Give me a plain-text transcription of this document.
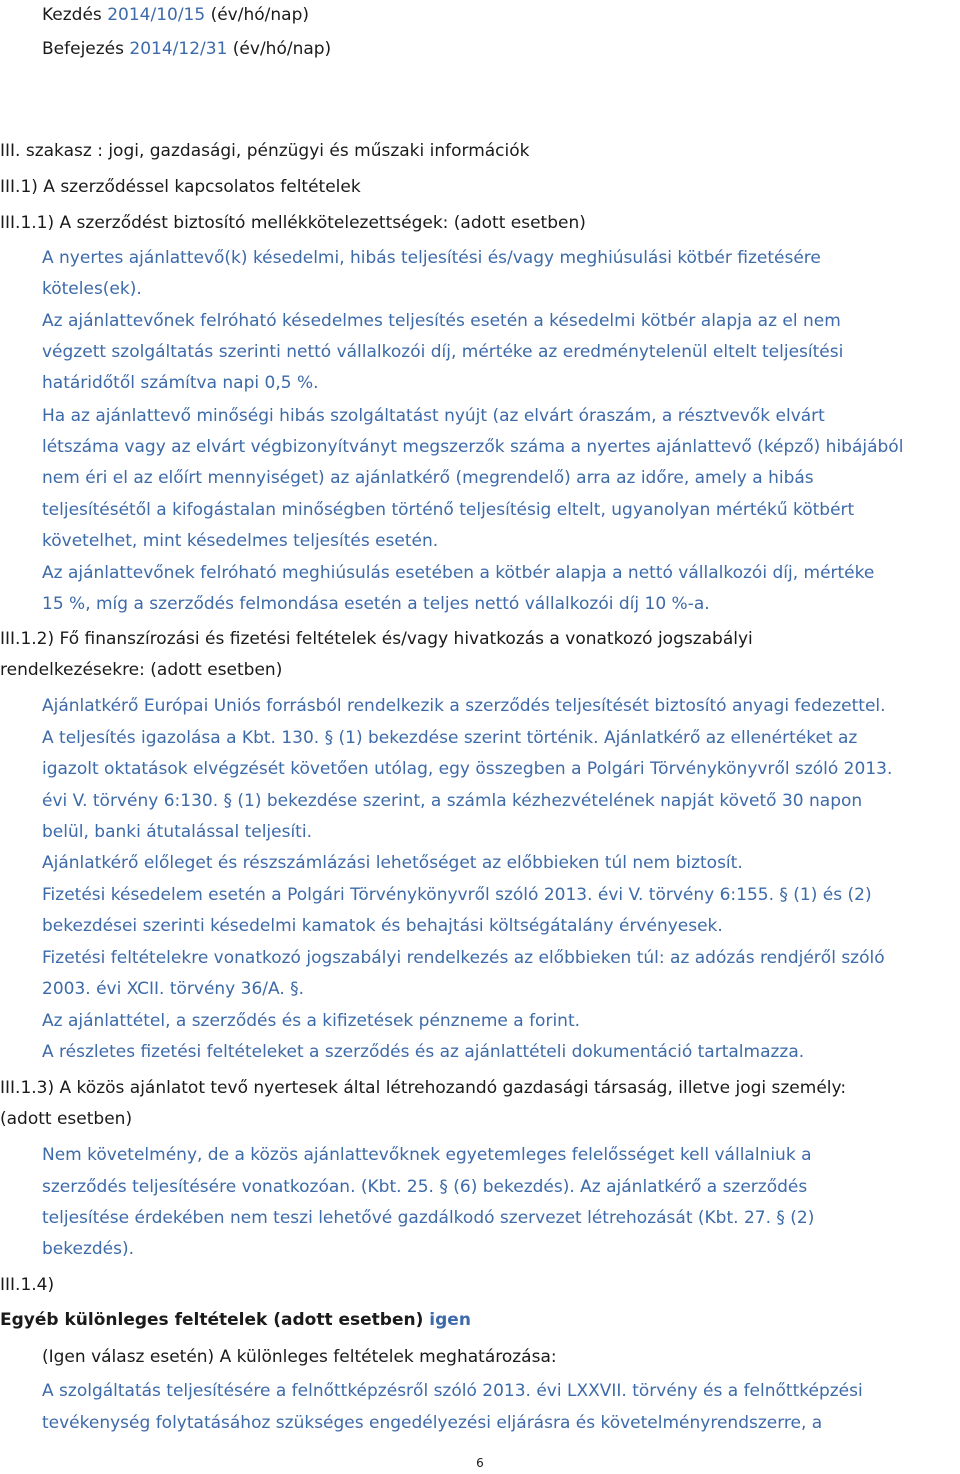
Kezdés 2014/10/15 (év/hó/nap)
Befejezés 2014/12/31 (év/hó/nap)
III. szakasz : jogi, gazdasági, pénzügyi és műszaki információk
III.1) A szerződéssel kapcsolatos feltételek
III.1.1) A szerződést biztosító mellékkötelezettségek: (adott esetben)
A nyertes ajánlattevő(k) késedelmi, hibás teljesítési és/vagy meghiúsulási kötbér fizetésére
köteles(ek).
Az ajánlattevőnek felróható késedelmes teljesítés esetén a késedelmi kötbér alapja az el nem
végzett szolgáltatás szerinti nettó vállalkozói díj, mértéke az eredménytelenül eltelt teljesítési
határidőtől számítva napi 0,5 %.
Ha az ajánlattevő minőségi hibás szolgáltatást nyújt (az elvárt óraszám, a résztvevők elvárt
létszáma vagy az elvárt végbizonyítványt megszerzők száma a nyertes ajánlattevő (képző) hibájából
nem éri el az előírt mennyiséget) az ajánlatkérő (megrendelő) arra az időre, amely a hibás
teljesítésétől a kifogástalan minőségben történő teljesítésig eltelt, ugyanolyan mértékű kötbért
követelhet, mint késedelmes teljesítés esetén.
Az ajánlattevőnek felróható meghiúsulás esetében a kötbér alapja a nettó vállalkozói díj, mértéke
15 %, míg a szerződés felmondása esetén a teljes nettó vállalkozói díj 10 %-a.
III.1.2) Fő finanszírozási és fizetési feltételek és/vagy hivatkozás a vonatkozó jogszabályi
rendelkezésekre: (adott esetben)
Ajánlatkérő Európai Uniós forrásból rendelkezik a szerződés teljesítését biztosító anyagi fedezettel.
A teljesítés igazolása a Kbt. 130. § (1) bekezdése szerint történik. Ajánlatkérő az ellenértéket az
igazolt oktatások elvégzését követően utólag, egy összegben a Polgári Törvénykönyvről szóló 2013.
évi V. törvény 6:130. § (1) bekezdése szerint, a számla kézhezvételének napját követő 30 napon
belül, banki átutalással teljesíti.
Ajánlatkérő előleget és részszámlázási lehetőséget az előbbieken túl nem biztosít.
Fizetési késedelem esetén a Polgári Törvénykönyvről szóló 2013. évi V. törvény 6:155. § (1) és (2)
bekezdései szerinti késedelmi kamatok és behajtási költségátalány érvényesek.
Fizetési feltételekre vonatkozó jogszabályi rendelkezés az előbbieken túl: az adózás rendjéről szóló
2003. évi XCII. törvény 36/A. §.
Az ajánlattétel, a szerződés és a kifizetések pénzneme a forint.
A részletes fizetési feltételeket a szerződés és az ajánlattételi dokumentáció tartalmazza.
III.1.3) A közös ajánlatot tevő nyertesek által létrehozandó gazdasági társaság, illetve jogi személy:
(adott esetben)
Nem követelmény, de a közös ajánlattevőknek egyetemleges felelősséget kell vállalniuk a
szerződés teljesítésére vonatkozóan. (Kbt. 25. § (6) bekezdés). Az ajánlatkérő a szerződés
teljesítése érdekében nem teszi lehetővé gazdálkodó szervezet létrehozását (Kbt. 27. § (2)
bekezdés).
III.1.4)
Egyéb különleges feltételek (adott esetben) igen
(Igen válasz esetén) A különleges feltételek meghatározása:
A szolgáltatás teljesítésére a felnőttképzésről szóló 2013. évi LXXVII. törvény és a felnőttképzési
tevékenység folytatásához szükséges engedélyezési eljárásra és követelményrendszerre, a
6
